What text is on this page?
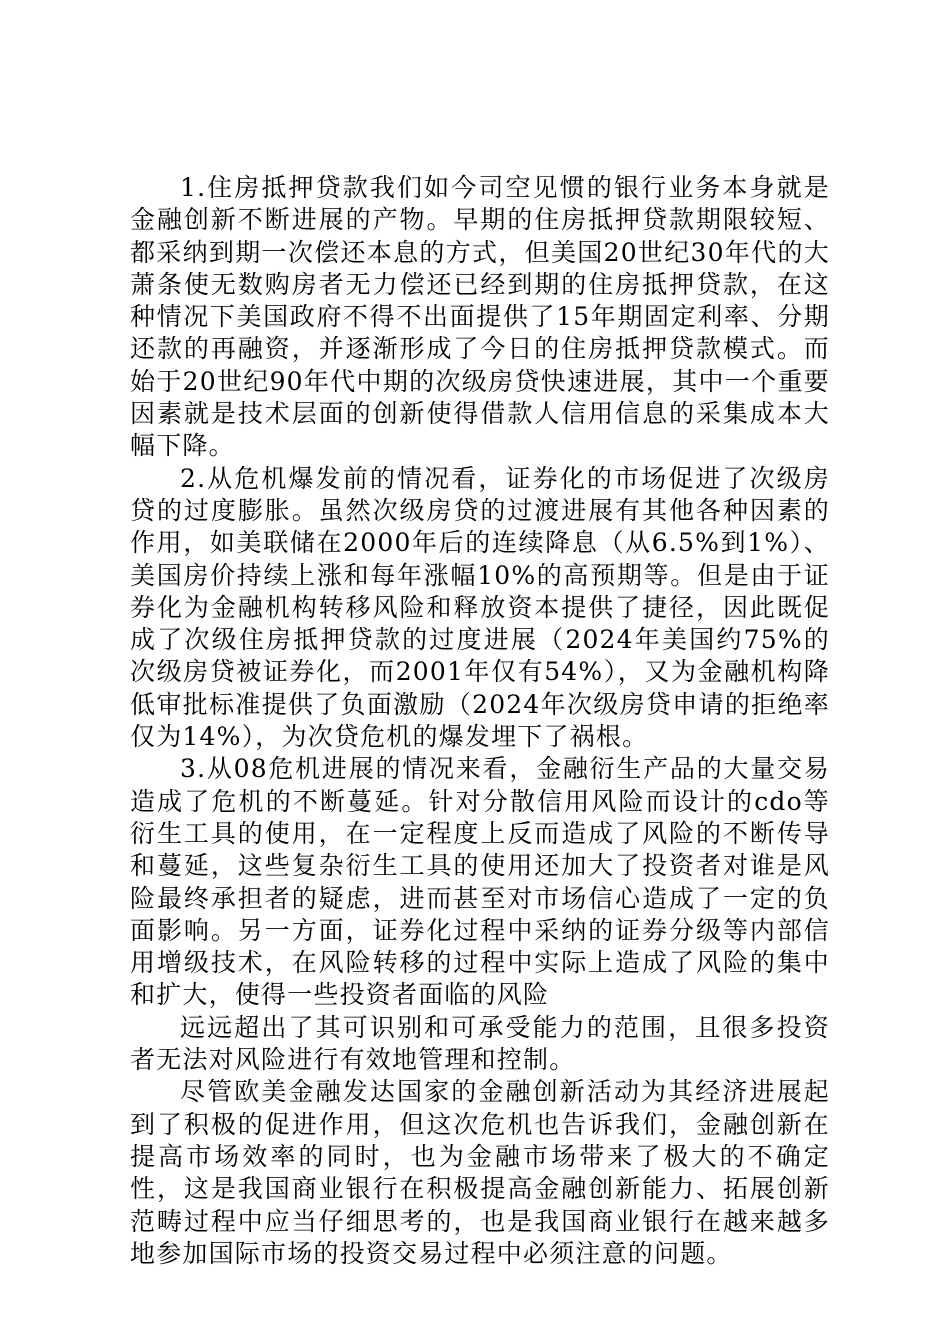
1.住房抵押贷款我们如今司空见惯的银行业务本身就是金融创新不断进展的产物。早期的住房抵押贷款期限较短、都采纳到期一次偿还本息的方式，但美国20世纪30年代的大萧条使无数购房者无力偿还已经到期的住房抵押贷款，在这种情况下美国政府不得不出面提供了15年期固定利率、分期还款的再融资，并逐渐形成了今日的住房抵押贷款模式。而始于20世纪90年代中期的次级房贷快速进展，其中一个重要因素就是技术层面的创新使得借款人信用信息的采集成本大幅下降。

2.从危机爆发前的情况看，证券化的市场促进了次级房贷的过度膨胀。虽然次级房贷的过渡进展有其他各种因素的作用，如美联储在2000年后的连续降息（从6.5%到1%）、美国房价持续上涨和每年涨幅10%的高预期等。但是由于证券化为金融机构转移风险和释放资本提供了捷径，因此既促成了次级住房抵押贷款的过度进展（2024年美国约75%的次级房贷被证券化，而2001年仅有54%），又为金融机构降低审批标准提供了负面激励（2024年次级房贷申请的拒绝率仅为14%），为次贷危机的爆发埋下了祸根。

3.从08危机进展的情况来看，金融衍生产品的大量交易造成了危机的不断蔓延。针对分散信用风险而设计的cdo等衍生工具的使用，在一定程度上反而造成了风险的不断传导和蔓延，这些复杂衍生工具的使用还加大了投资者对谁是风险最终承担者的疑虑，进而甚至对市场信心造成了一定的负面影响。另一方面，证券化过程中采纳的证券分级等内部信用增级技术，在风险转移的过程中实际上造成了风险的集中和扩大，使得一些投资者面临的风险

远远超出了其可识别和可承受能力的范围，且很多投资者无法对风险进行有效地管理和控制。

尽管欧美金融发达国家的金融创新活动为其经济进展起到了积极的促进作用，但这次危机也告诉我们，金融创新在提高市场效率的同时，也为金融市场带来了极大的不确定性，这是我国商业银行在积极提高金融创新能力、拓展创新范畴过程中应当仔细思考的，也是我国商业银行在越来越多地参加国际市场的投资交易过程中必须注意的问题。
